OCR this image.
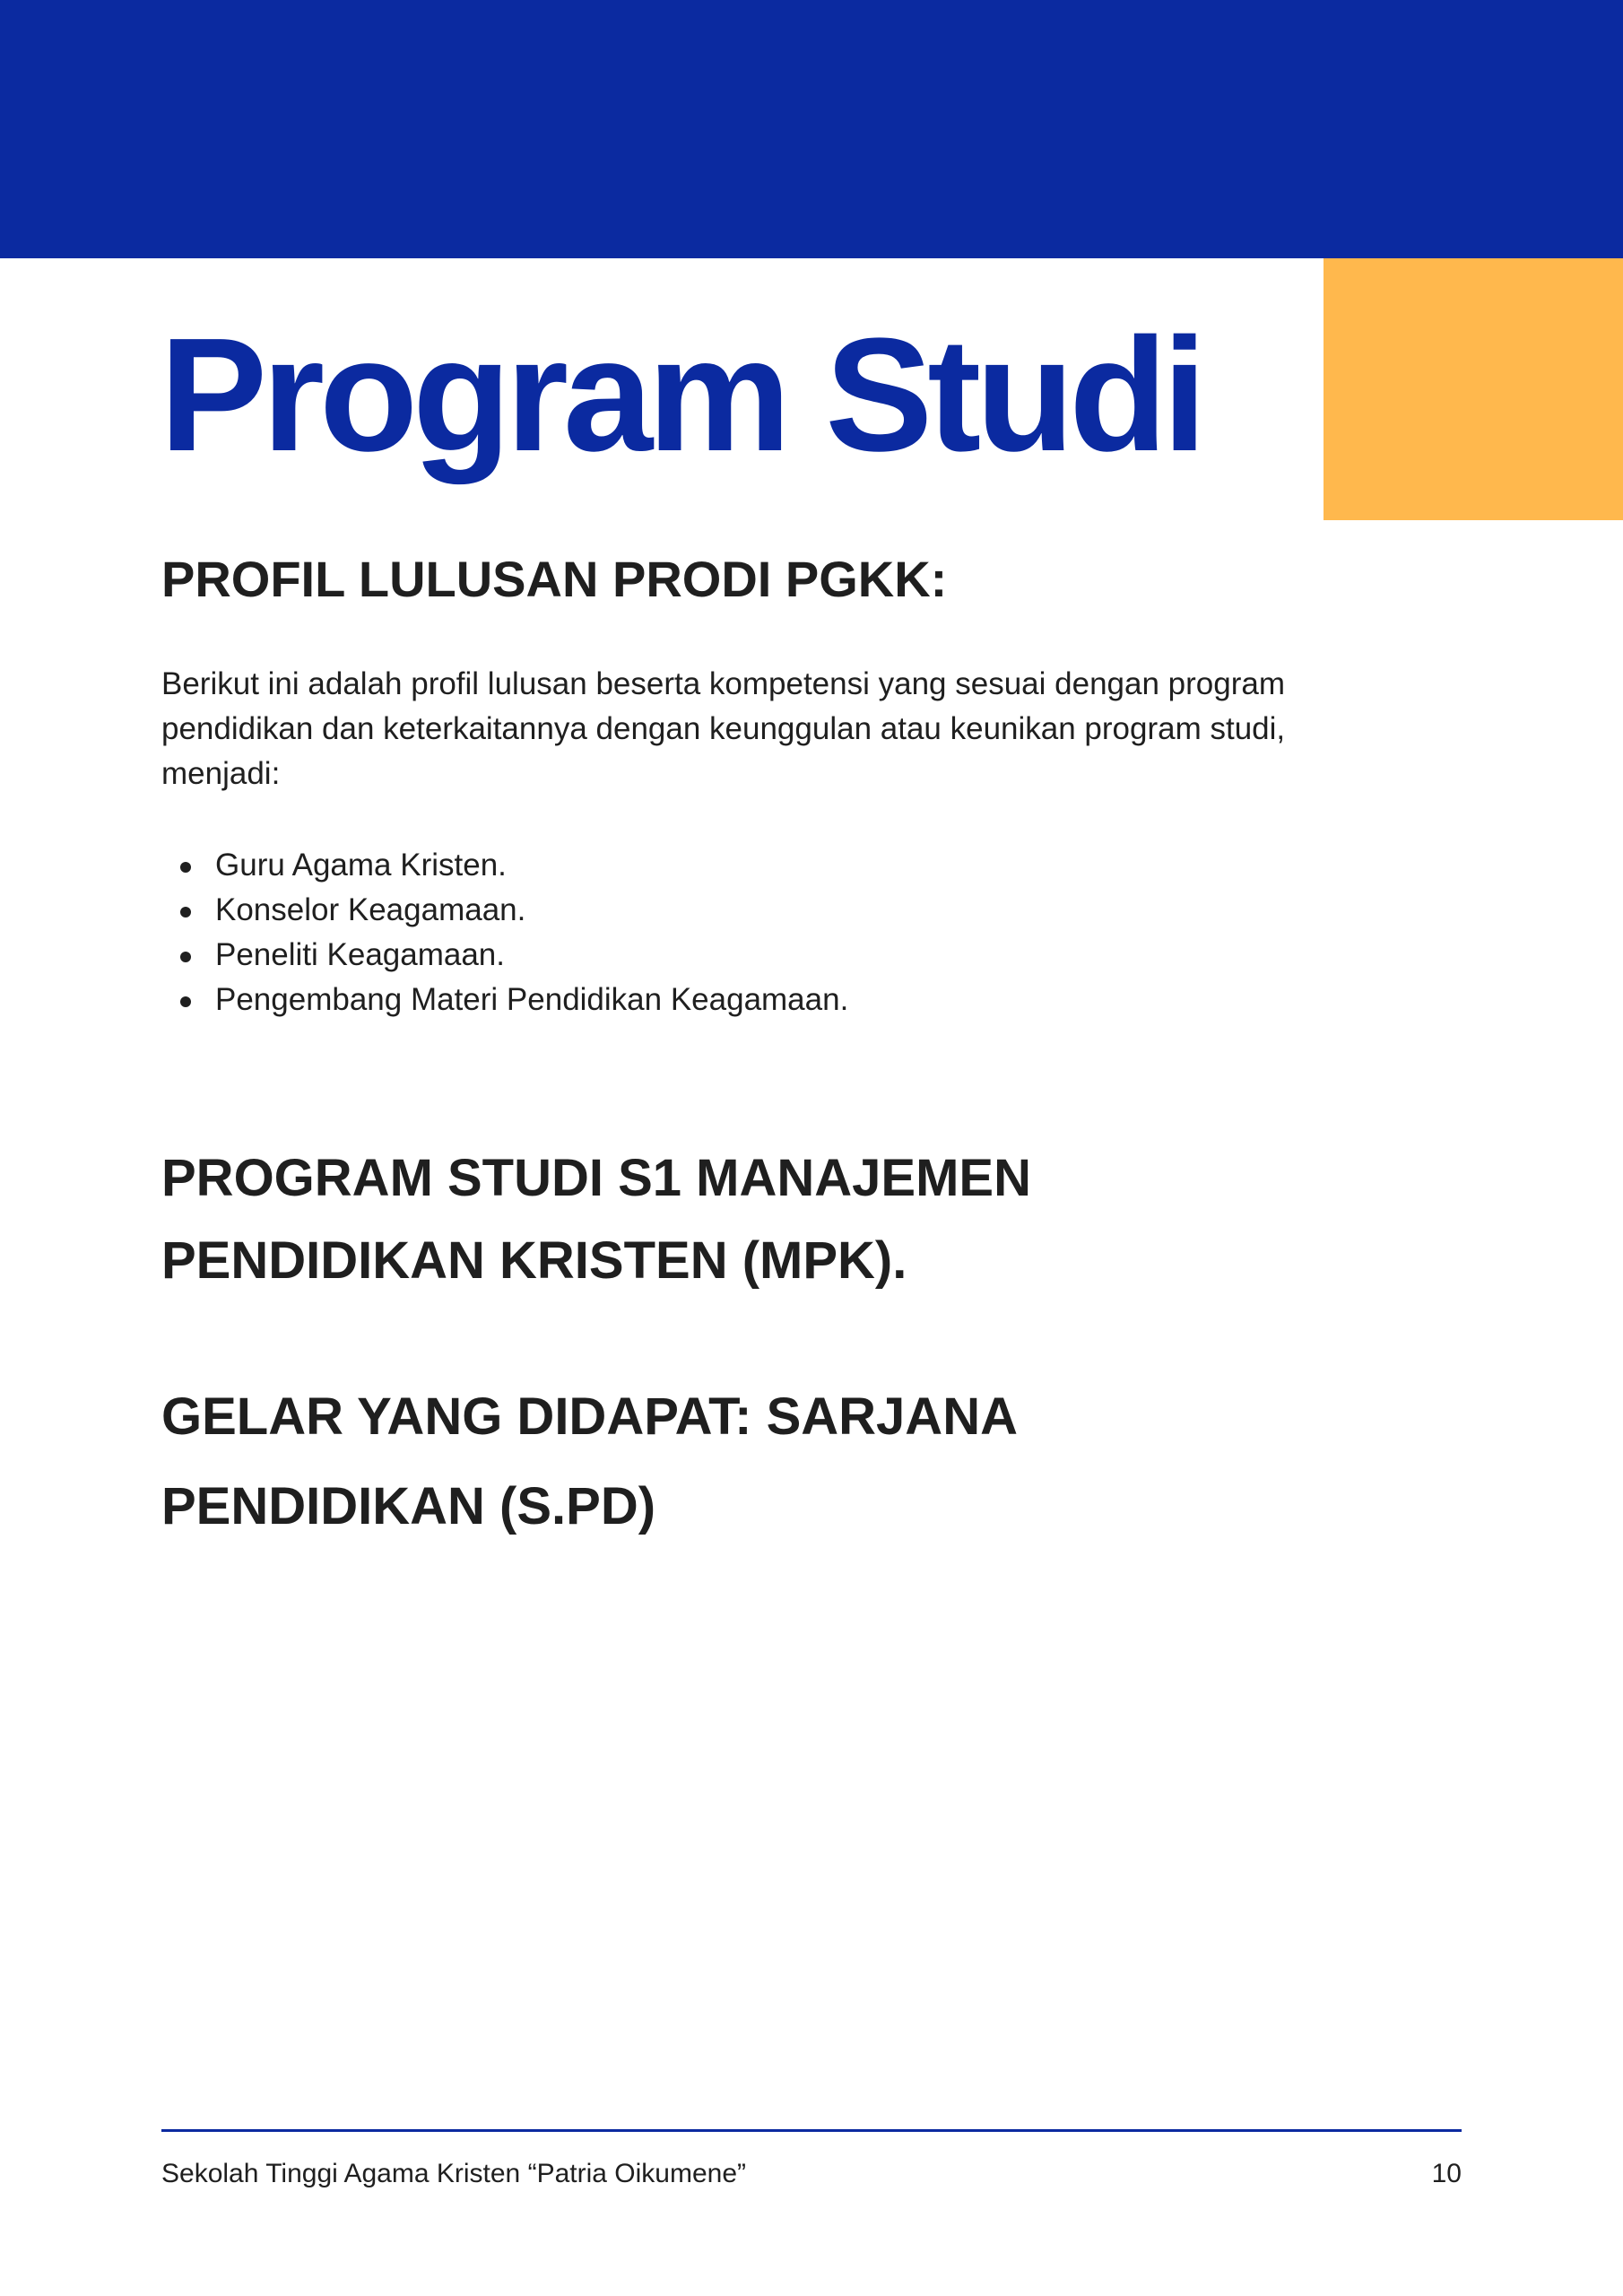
Program Studi
PROFIL LULUSAN PRODI PGKK:

Berikut ini adalah profil lulusan beserta kompetensi yang sesuai dengan program pendidikan dan keterkaitannya dengan keunggulan atau keunikan program studi, menjadi:

Guru Agama Kristen.
Konselor Keagamaan.
Peneliti Keagamaan.
Pengembang Materi Pendidikan Keagamaan.
PROGRAM STUDI S1 MANAJEMEN PENDIDIKAN KRISTEN (MPK).
GELAR YANG DIDAPAT: SARJANA PENDIDIKAN (S.PD)
Sekolah Tinggi Agama Kristen “Patria Oikumene”	10
